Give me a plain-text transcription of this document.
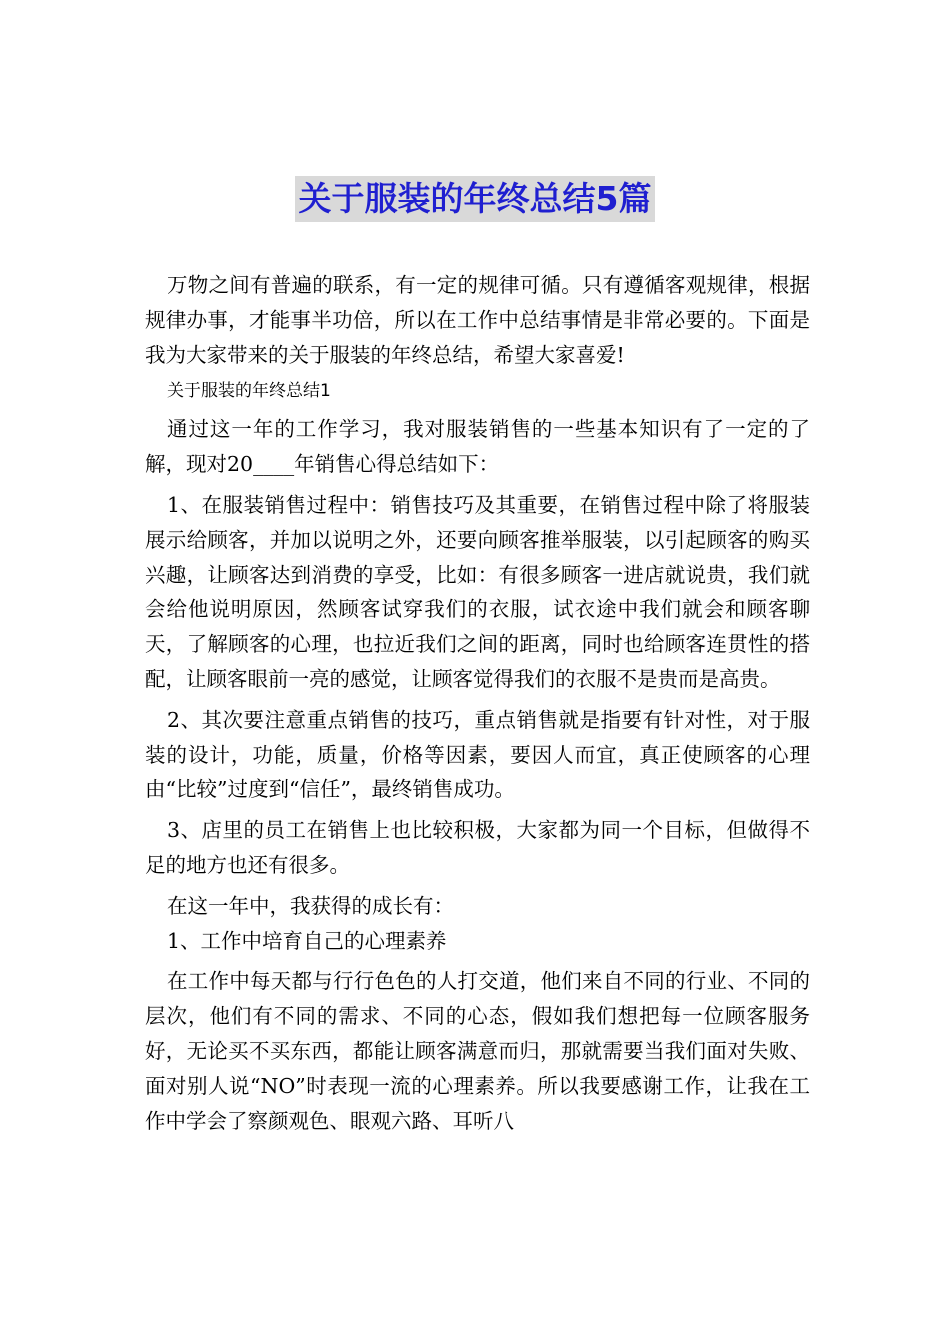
关于服装的年终总结5篇

万物之间有普遍的联系，有一定的规律可循。只有遵循客观规律，根据规律办事，才能事半功倍，所以在工作中总结事情是非常必要的。下面是我为大家带来的关于服装的年终总结，希望大家喜爱!

关于服装的年终总结1

通过这一年的工作学习，我对服装销售的一些基本知识有了一定的了解，现对20____年销售心得总结如下：

1、在服装销售过程中：销售技巧及其重要，在销售过程中除了将服装展示给顾客，并加以说明之外，还要向顾客推举服装，以引起顾客的购买兴趣，让顾客达到消费的享受，比如：有很多顾客一进店就说贵，我们就会给他说明原因，然顾客试穿我们的衣服，试衣途中我们就会和顾客聊天，了解顾客的心理，也拉近我们之间的距离，同时也给顾客连贯性的搭配，让顾客眼前一亮的感觉，让顾客觉得我们的衣服不是贵而是高贵。

2、其次要注意重点销售的技巧，重点销售就是指要有针对性，对于服装的设计，功能，质量，价格等因素，要因人而宜，真正使顾客的心理由“比较”过度到“信任”，最终销售成功。

3、店里的员工在销售上也比较积极，大家都为同一个目标，但做得不足的地方也还有很多。

在这一年中，我获得的成长有：

1、工作中培育自己的心理素养

在工作中每天都与行行色色的人打交道，他们来自不同的行业、不同的层次，他们有不同的需求、不同的心态，假如我们想把每一位顾客服务好，无论买不买东西，都能让顾客满意而归，那就需要当我们面对失败、面对别人说“NO”时表现一流的心理素养。所以我要感谢工作，让我在工作中学会了察颜观色、眼观六路、耳听八
